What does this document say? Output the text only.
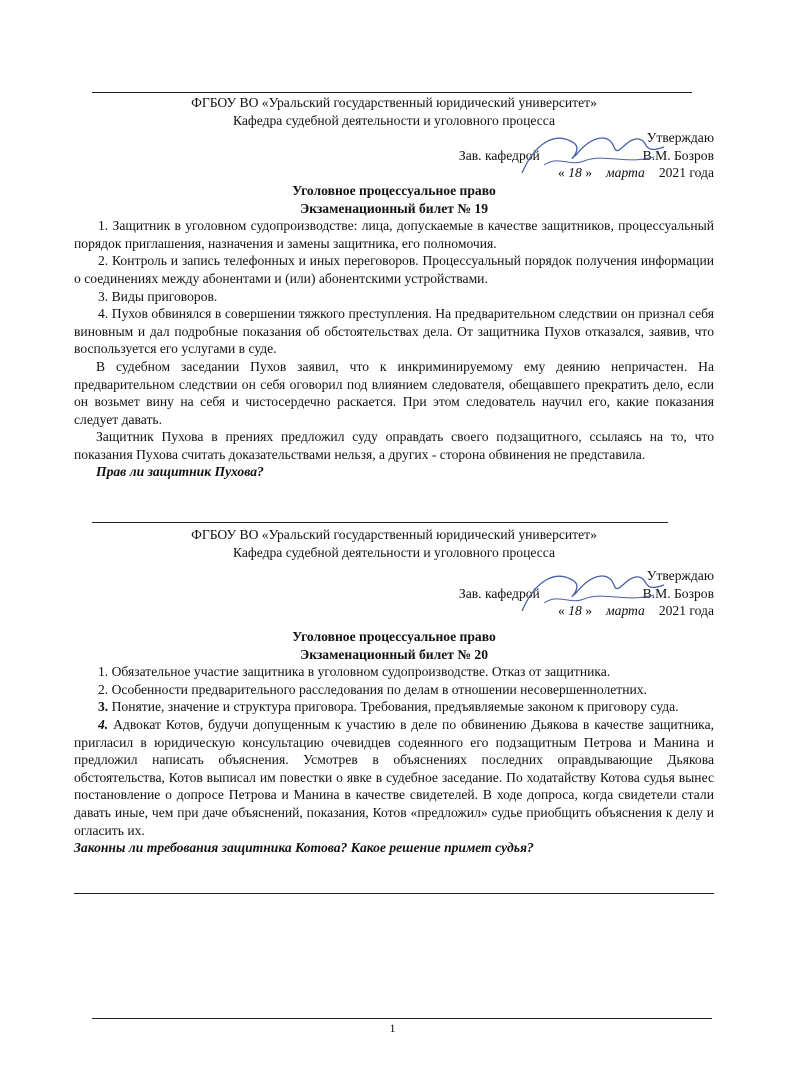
ФГБОУ ВО «Уральский государственный юридический университет»
Кафедра судебной деятельности и уголовного процесса
Утверждаю
Зав. кафедрой	В.М. Бозров
« 18 » марта 2021 года
Уголовное процессуальное право
Экзаменационный билет № 19

1. Защитник в уголовном судопроизводстве: лица, допускаемые в качестве защитников, процессуальный порядок приглашения, назначения и замены защитника, его полномочия.

2. Контроль и запись телефонных и иных переговоров. Процессуальный порядок получения информации о соединениях между абонентами и (или) абонентскими устройствами.

3. Виды приговоров.

4. Пухов обвинялся в совершении тяжкого преступления. На предварительном следствии он признал себя виновным и дал подробные показания об обстоятельствах дела. От защитника Пухов отказался, заявив, что воспользуется его услугами в суде.

В судебном заседании Пухов заявил, что к инкриминируемому ему деянию непричастен. На предварительном следствии он себя оговорил под влиянием следователя, обещавшего прекратить дело, если он возьмет вину на себя и чистосердечно раскается. При этом следователь научил его, какие показания следует давать.

Защитник Пухова в прениях предложил суду оправдать своего подзащитного, ссылаясь на то, что показания Пухова считать доказательствами нельзя, а других - сторона обвинения не представила.

Прав ли защитник Пухова?

ФГБОУ ВО «Уральский государственный юридический университет»
Кафедра судебной деятельности и уголовного процесса
Утверждаю
Зав. кафедрой	В.М. Бозров
« 18 » марта 2021 года
Уголовное процессуальное право
Экзаменационный билет № 20

1. Обязательное участие защитника в уголовном судопроизводстве. Отказ от защитника.

2. Особенности предварительного расследования по делам в отношении несовершеннолетних.

3. Понятие, значение и структура приговора. Требования, предъявляемые законом к приговору суда.

4. Адвокат Котов, будучи допущенным к участию в деле по обвинению Дьякова в качестве защитника, пригласил в юридическую консультацию очевидцев содеянного его подзащитным Петрова и Манина и предложил написать объяснения. Усмотрев в объяснениях последних оправдывающие Дьякова обстоятельства, Котов выписал им повестки о явке в судебное заседание. По ходатайству Котова судья вынес постановление о допросе Петрова и Манина в качестве свидетелей. В ходе допроса, когда свидетели стали давать иные, чем при даче объяснений, показания, Котов «предложил» судье приобщить объяснения к делу и огласить их.

Законны ли требования защитника Котова? Какое решение примет судья?

1
